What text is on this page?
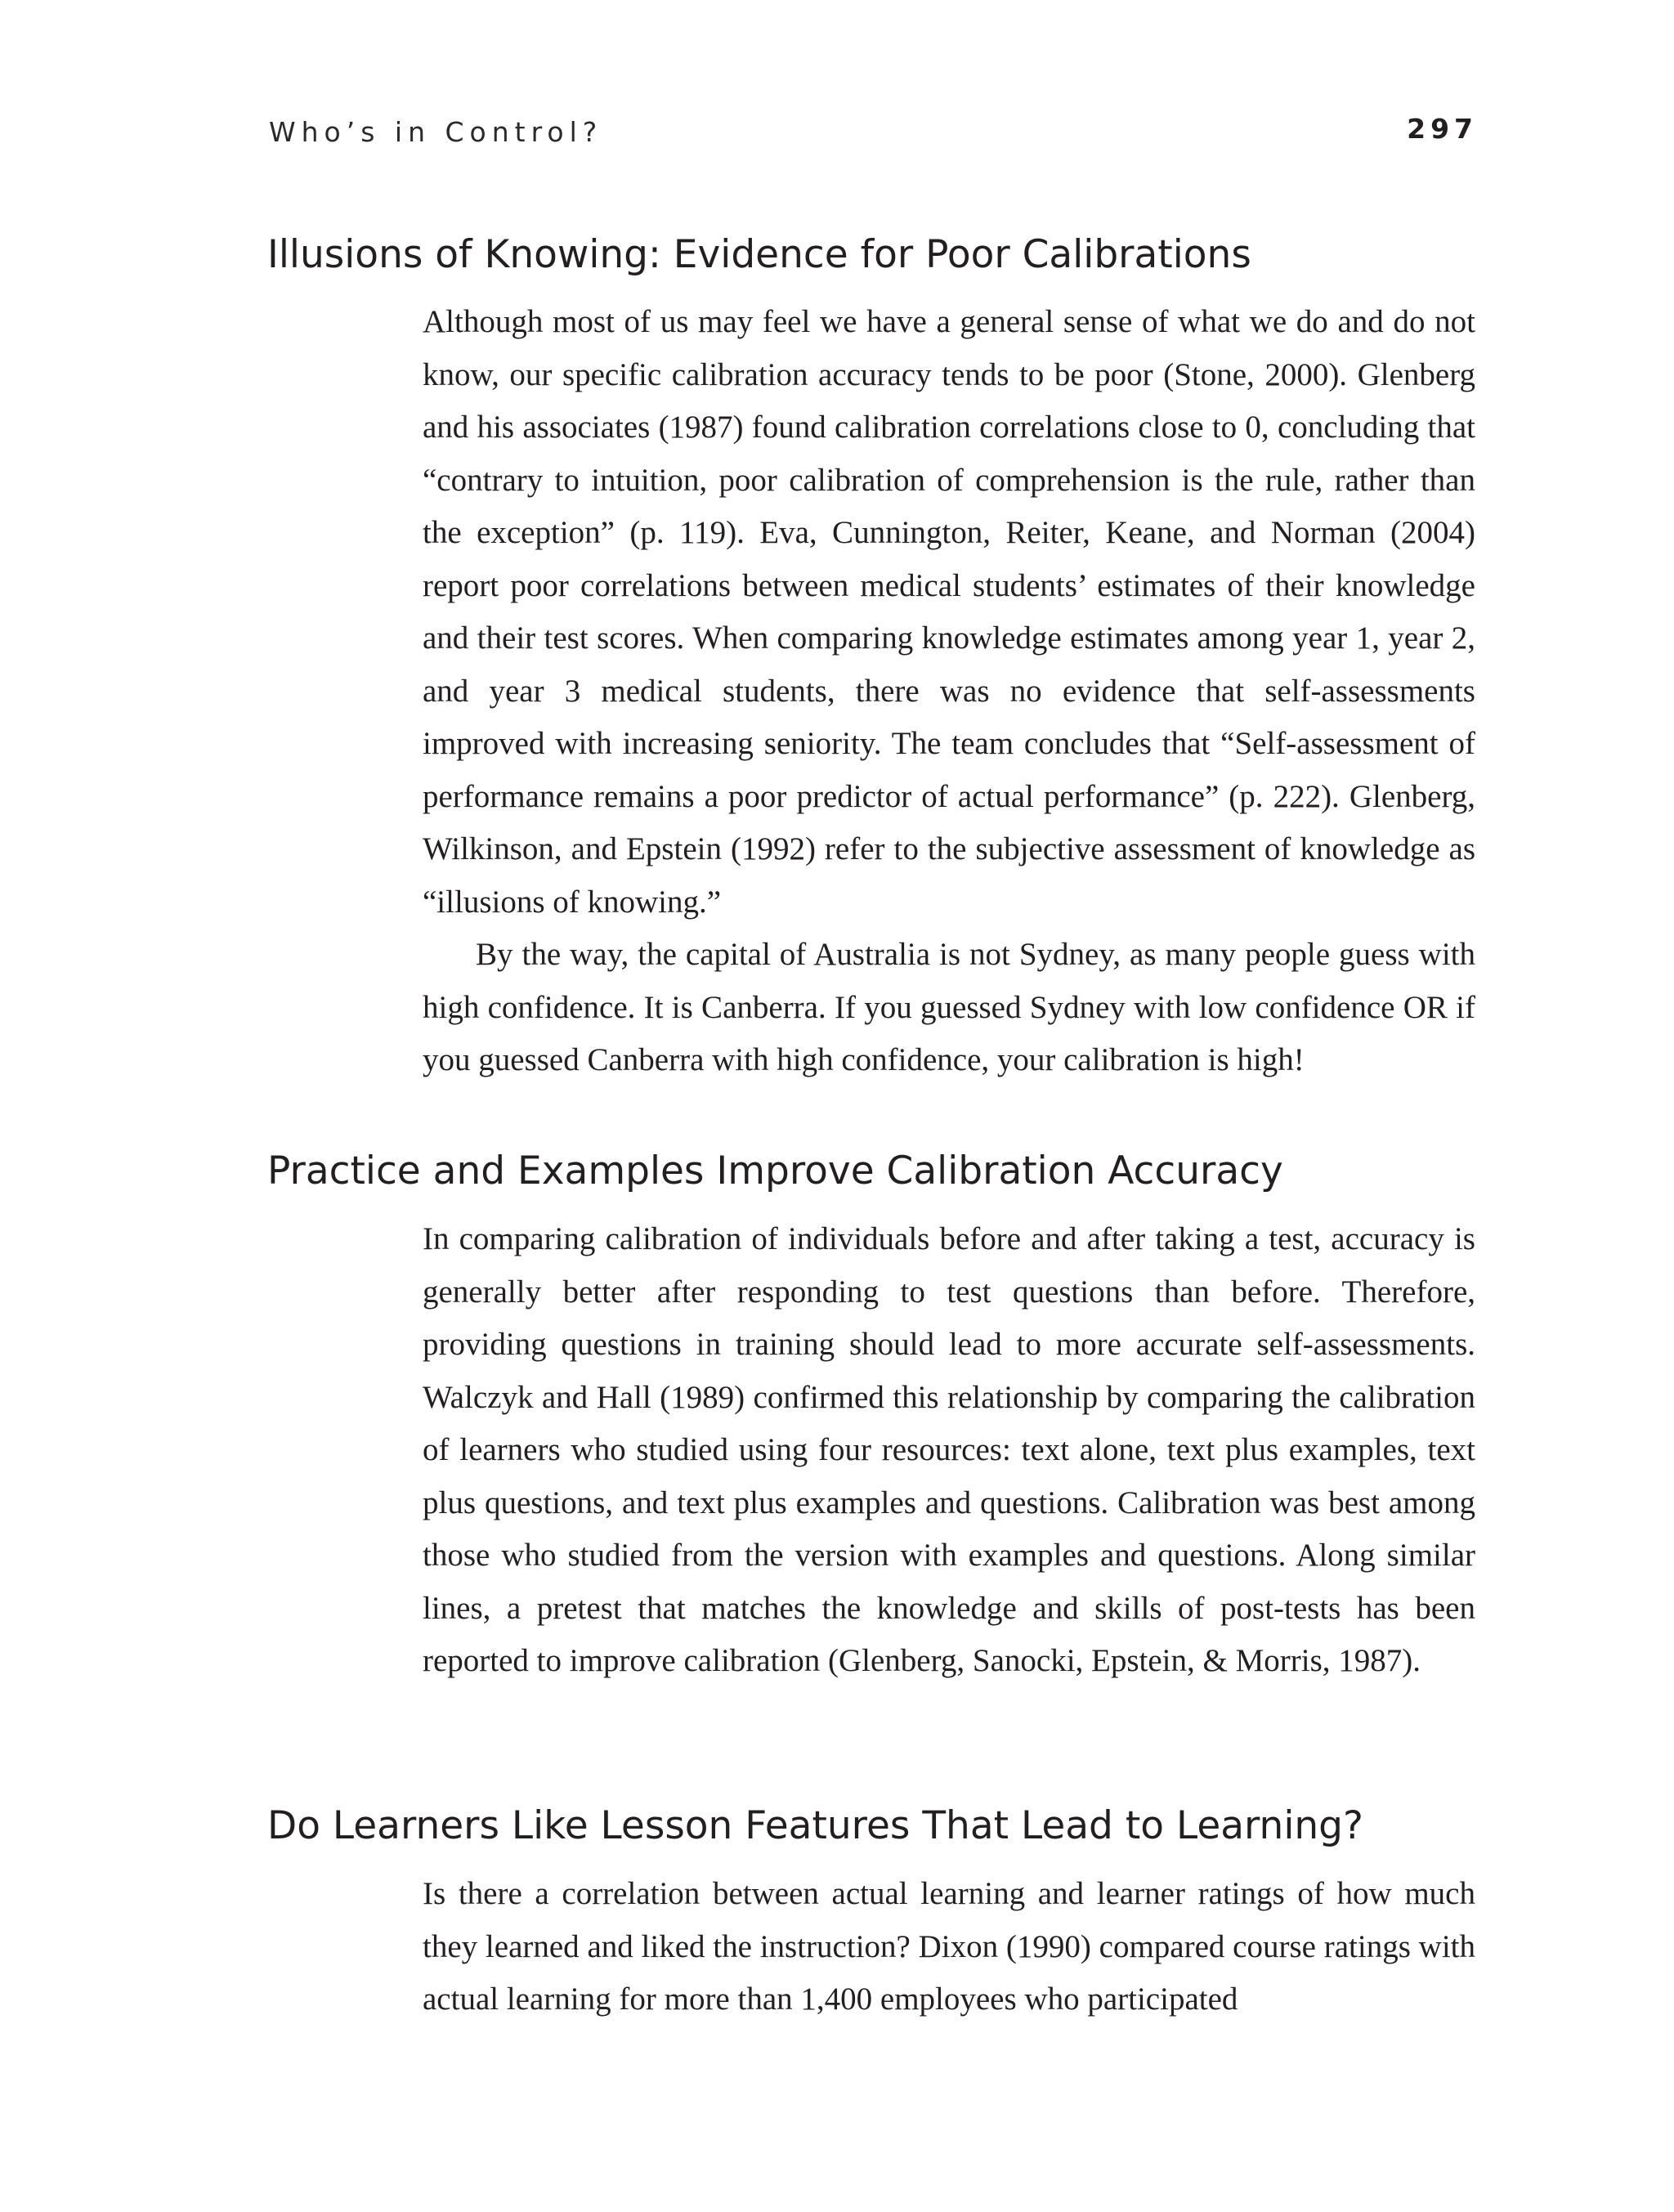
Who’s in Control?	297
Illusions of Knowing: Evidence for Poor Calibrations

Although most of us may feel we have a general sense of what we do and do not know, our specific calibration accuracy tends to be poor (Stone, 2000). Glenberg and his associates (1987) found calibration correlations close to 0, concluding that “contrary to intuition, poor calibration of comprehension is the rule, rather than the exception” (p. 119). Eva, Cunnington, Reiter, Keane, and Norman (2004) report poor correlations between medical students’ estimates of their knowledge and their test scores. When comparing knowledge estimates among year 1, year 2, and year 3 medical students, there was no evidence that self-assessments improved with increasing seniority. The team concludes that “Self-assessment of performance remains a poor predictor of actual performance” (p. 222). Glenberg, Wilkinson, and Epstein (1992) refer to the subjective assessment of knowledge as “illusions of knowing.”

By the way, the capital of Australia is not Sydney, as many people guess with high confidence. It is Canberra. If you guessed Sydney with low confidence OR if you guessed Canberra with high confidence, your calibration is high!

Practice and Examples Improve Calibration Accuracy

In comparing calibration of individuals before and after taking a test, accuracy is generally better after responding to test questions than before. Therefore, providing questions in training should lead to more accurate self-assessments. Walczyk and Hall (1989) confirmed this relationship by comparing the calibration of learners who studied using four resources: text alone, text plus examples, text plus questions, and text plus examples and questions. Calibration was best among those who studied from the version with examples and questions. Along similar lines, a pretest that matches the knowledge and skills of post-tests has been reported to improve calibration (Glenberg, Sanocki, Epstein, & Morris, 1987).

Do Learners Like Lesson Features That Lead to Learning?

Is there a correlation between actual learning and learner ratings of how much they learned and liked the instruction? Dixon (1990) compared course ratings with actual learning for more than 1,400 employees who participated
